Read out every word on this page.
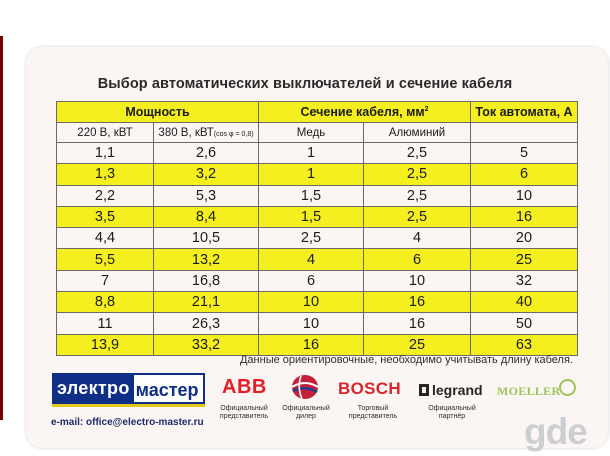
Выбор автоматических выключателей и сечение кабеля
Мощность		Сечение кабеля, $мм^2$		Ток автомата, А
220 В, кВТ	380 В, кВТ(cos φ = 0,8)	Медь	Алюминий	
1,1	2,6	1	2,5	5
1,3	3,2	1	2,5	6
2,2	5,3	1,5	2,5	10
3,5	8,4	1,5	2,5	16
4,4	10,5	2,5	4	20
5,5	13,2	4	6	25
7	16,8	6	10	32
8,8	21,1	10	16	40
11	26,3	10	16	50
13,9	33,2	16	25	63
Данные ориентировочные, необходимо учитывать длину кабеля.
электро мастер
e-mail: office@electro-master.ru
ABB
Официальный
представитель
Официальный
дилер
BOSCH
Торговый
представитель
legrand
Официальный
партнёр
MOELLER
gde
